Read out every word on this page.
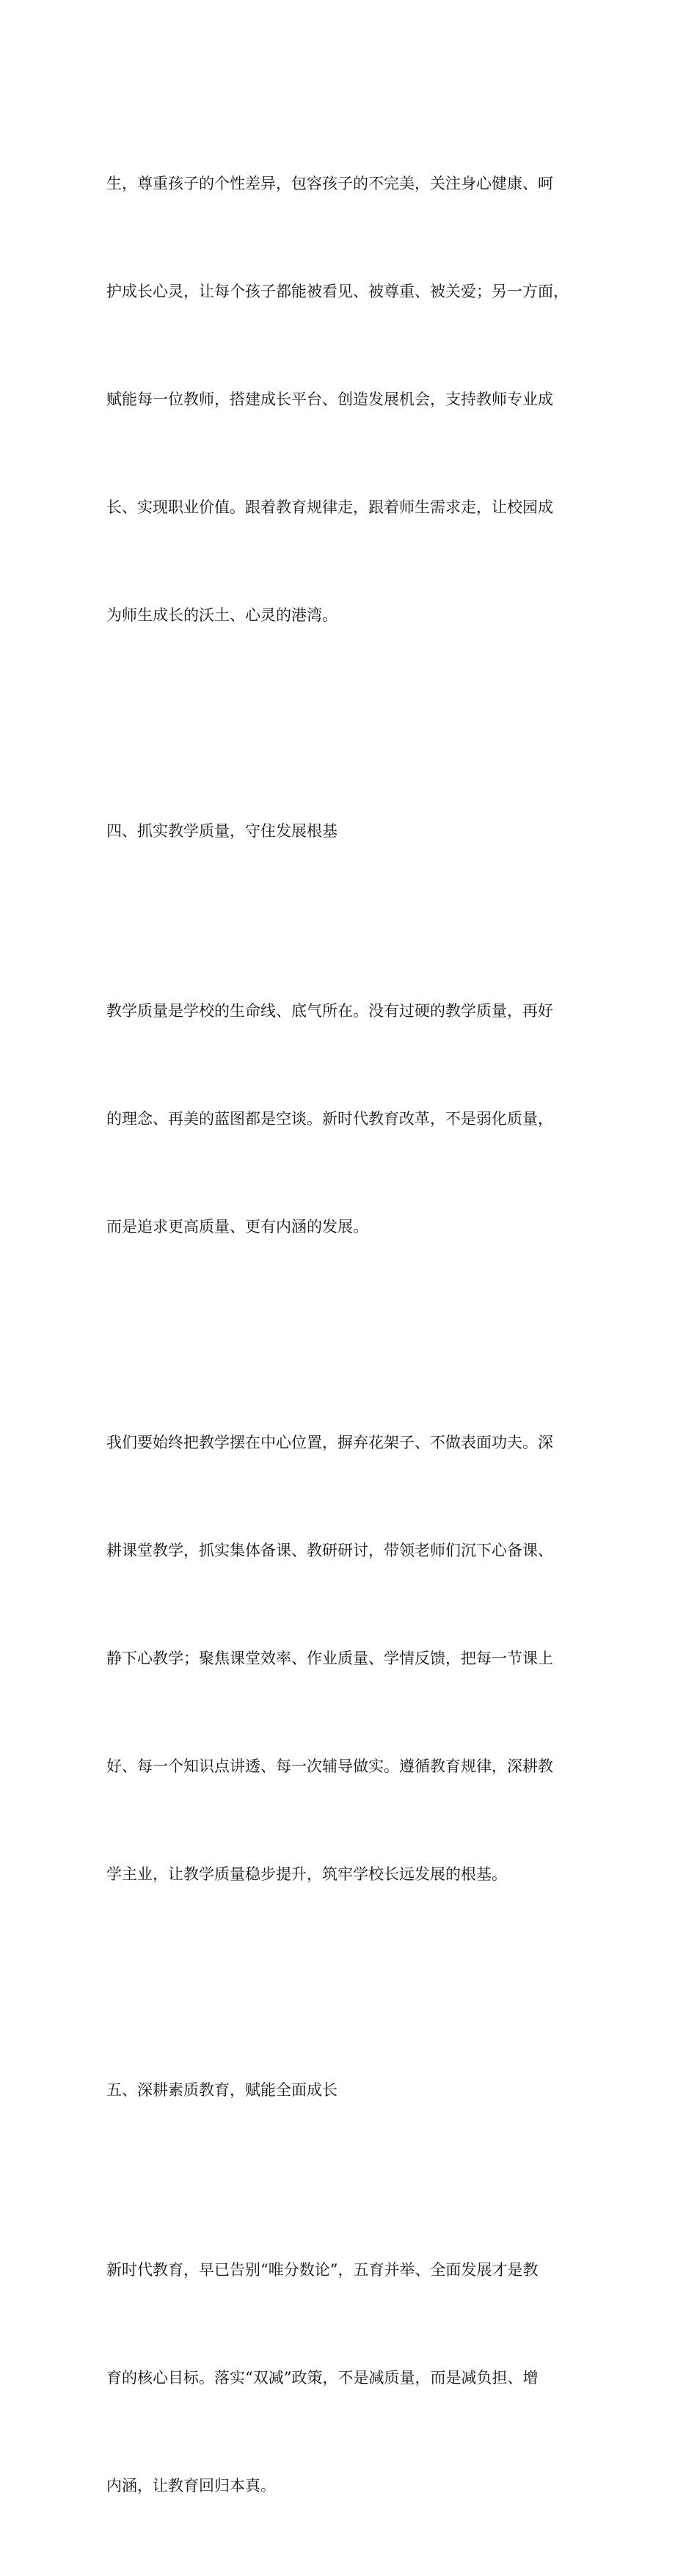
生，尊重孩子的个性差异，包容孩子的不完美，关注身心健康、呵

护成长心灵，让每个孩子都能被看见、被尊重、被关爱；另一方面，

赋能每一位教师，搭建成长平台、创造发展机会，支持教师专业成

长、实现职业价值。跟着教育规律走，跟着师生需求走，让校园成

为师生成长的沃土、心灵的港湾。

四、抓实教学质量，守住发展根基

教学质量是学校的生命线、底气所在。没有过硬的教学质量，再好

的理念、再美的蓝图都是空谈。新时代教育改革，不是弱化质量，

而是追求更高质量、更有内涵的发展。

我们要始终把教学摆在中心位置，摒弃花架子、不做表面功夫。深

耕课堂教学，抓实集体备课、教研研讨，带领老师们沉下心备课、

静下心教学；聚焦课堂效率、作业质量、学情反馈，把每一节课上

好、每一个知识点讲透、每一次辅导做实。遵循教育规律，深耕教

学主业，让教学质量稳步提升，筑牢学校长远发展的根基。

五、深耕素质教育，赋能全面成长

新时代教育，早已告别“唯分数论”，五育并举、全面发展才是教

育的核心目标。落实“双减”政策，不是减质量，而是减负担、增

内涵，让教育回归本真。
